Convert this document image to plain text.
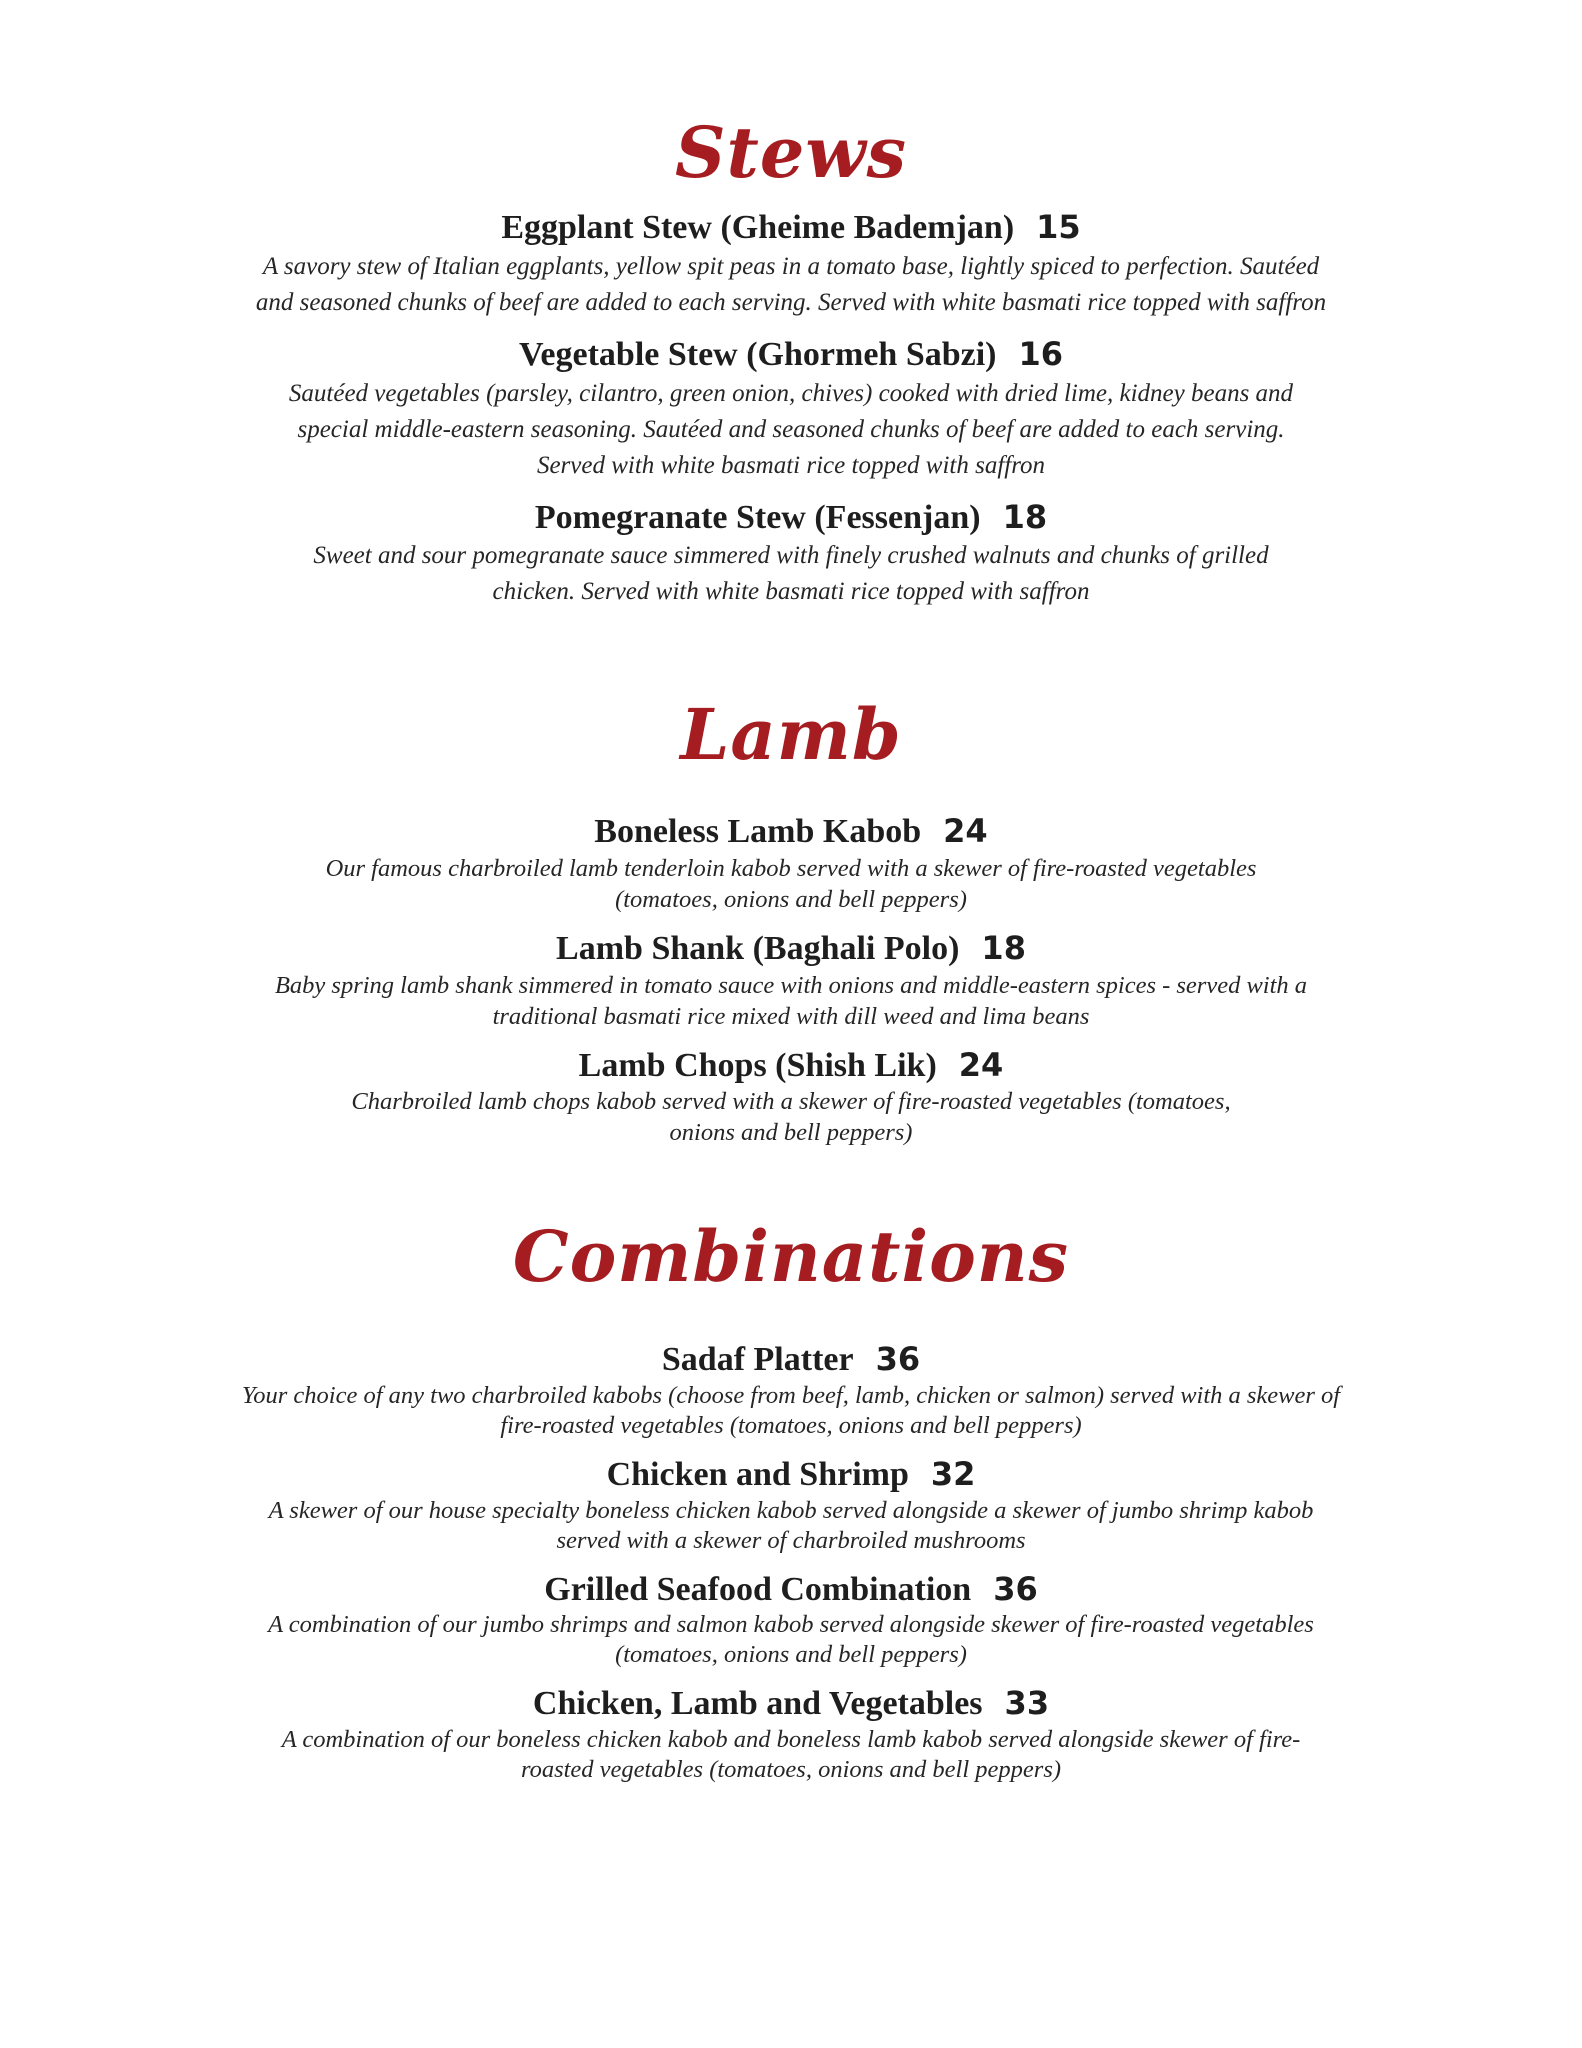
Stews
Eggplant Stew (Gheime Bademjan) 15

A savory stew of Italian eggplants, yellow spit peas in a tomato base, lightly spiced to perfection. Sautéed and seasoned chunks of beef are added to each serving. Served with white basmati rice topped with saffron

Vegetable Stew (Ghormeh Sabzi) 16

Sautéed vegetables (parsley, cilantro, green onion, chives) cooked with dried lime, kidney beans and special middle-eastern seasoning. Sautéed and seasoned chunks of beef are added to each serving. Served with white basmati rice topped with saffron

Pomegranate Stew (Fessenjan) 18

Sweet and sour pomegranate sauce simmered with finely crushed walnuts and chunks of grilled chicken. Served with white basmati rice topped with saffron

Lamb
Boneless Lamb Kabob 24

Our famous charbroiled lamb tenderloin kabob served with a skewer of fire-roasted vegetables (tomatoes, onions and bell peppers)

Lamb Shank (Baghali Polo) 18

Baby spring lamb shank simmered in tomato sauce with onions and middle-eastern spices - served with a traditional basmati rice mixed with dill weed and lima beans

Lamb Chops (Shish Lik) 24

Charbroiled lamb chops kabob served with a skewer of fire-roasted vegetables (tomatoes, onions and bell peppers)

Combinations
Sadaf Platter 36

Your choice of any two charbroiled kabobs (choose from beef, lamb, chicken or salmon) served with a skewer of fire-roasted vegetables (tomatoes, onions and bell peppers)

Chicken and Shrimp 32

A skewer of our house specialty boneless chicken kabob served alongside a skewer of jumbo shrimp kabob served with a skewer of charbroiled mushrooms

Grilled Seafood Combination 36

A combination of our jumbo shrimps and salmon kabob served alongside skewer of fire-roasted vegetables (tomatoes, onions and bell peppers)

Chicken, Lamb and Vegetables 33

A combination of our boneless chicken kabob and boneless lamb kabob served alongside skewer of fire-roasted vegetables (tomatoes, onions and bell peppers)
